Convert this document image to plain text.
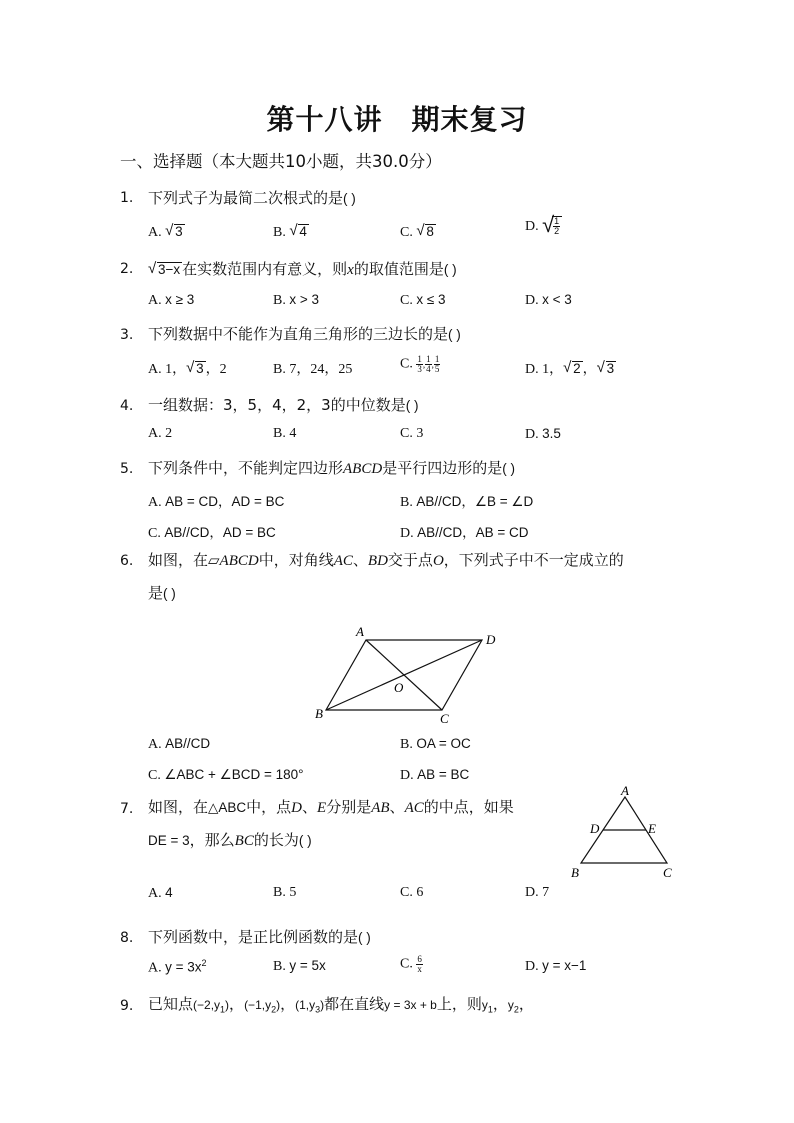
第十八讲　期末复习
一、选择题（本大题共10小题，共30.0分）
1. 下列式子为最简二次根式的是( )
A. √ 3	B. √ 4	C. √ 8	D. √
$\frac{1}{2}$
2. √ 3−x 在实数范围内有意义，则x的取值范围是( )
A. x ≥ 3	B. x > 3	C. x ≤ 3	D. x < 3
3. 下列数据中不能作为直角三角形的三边长的是( )
A. 1， √ 3 ，2	B. 7，24，25	C. $\frac{1}{3}$ , $\frac{1}{4}$ , $\frac{1}{5}$	D. 1， √ 2 ， √ 3
4. 一组数据：3，5，4，2，3的中位数是( )
A. 2	B. 4	C. 3	D. 3.5
5. 下列条件中，不能判定四边形ABCD是平行四边形的是( )
A. AB = CD，AD = BC	B. AB//CD，∠B = ∠D
C. AB//CD，AD = BC	D. AB//CD，AB = CD
6. 如图，在▱ABCD中，对角线AC、BD交于点O，下列式子中不一定成立的
是( )
A
D
B	C
O
A. AB//CD	B. OA = OC
C. ∠ABC + ∠BCD = 180°	D. AB = BC
7. 如图，在△ABC中，点D、E分别是AB、AC的中点，如果
DE = 3，那么BC的长为( )
A
D	E
B	C
A. 4	B. 5	C. 6	D. 7
8. 下列函数中，是正比例函数的是( )
A. $y = 3x^2$	B. y = 5x	C. $\frac{6}{x}$	D. y = x−1
9. 已知点$(-2,y_1)$，$(-1,y_2)$，$(1,y_3)$都在直线y = 3x + b上，则$y_1$，$y_2$，
